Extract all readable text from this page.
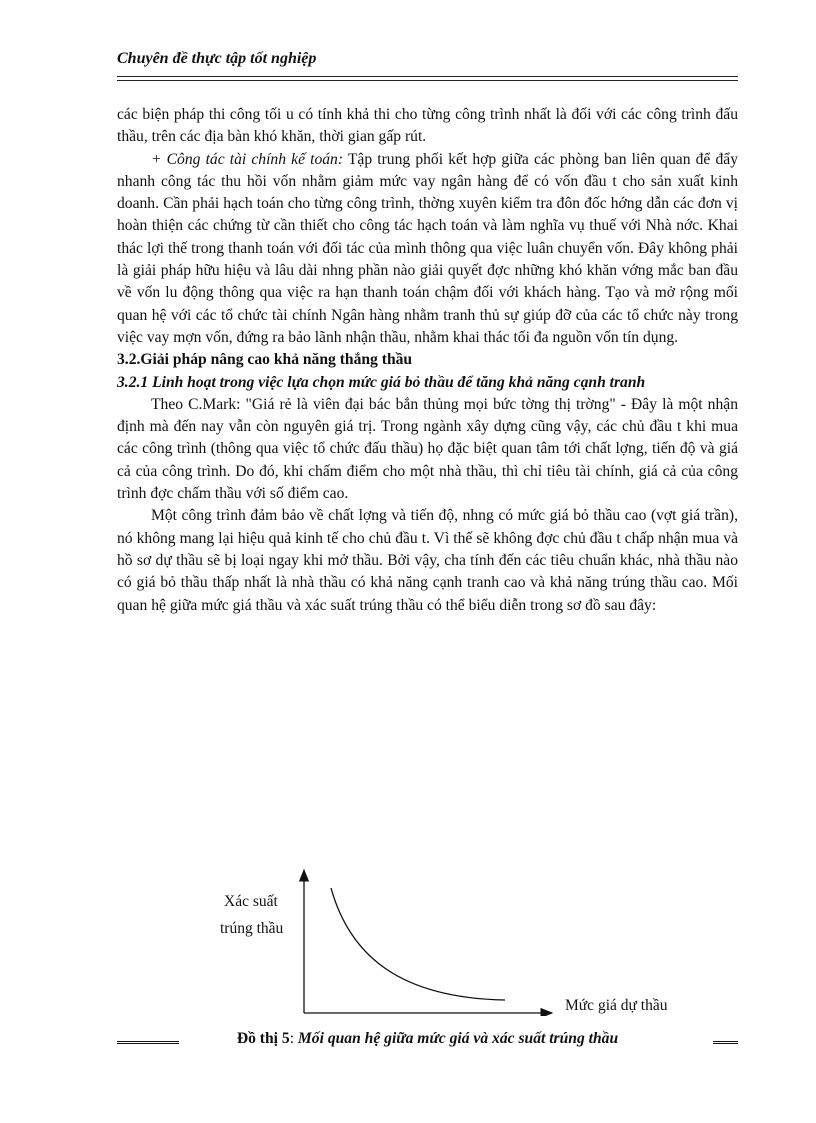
Chuyên đề thực tập tốt nghiệp

các biện pháp thi công tối u có tính khả thi cho từng công trình nhất là đối với các công trình đấu thầu, trên các địa bàn khó khăn, thời gian gấp rút.

+ Công tác tài chính kế toán: Tập trung phối kết hợp giữa các phòng ban liên quan để đẩy nhanh công tác thu hồi vốn nhằm giảm mức vay ngân hàng để có vốn đầu t cho sản xuất kinh doanh. Cần phải hạch toán cho từng công trình, thờng xuyên kiểm tra đôn đốc hớng dẫn các đơn vị hoàn thiện các chứng từ cần thiết cho công tác hạch toán và làm nghĩa vụ thuế với Nhà nớc. Khai thác lợi thế trong thanh toán với đối tác của mình thông qua việc luân chuyển vốn. Đây không phải là giải pháp hữu hiệu và lâu dài nhng phần nào giải quyết đợc những khó khăn vớng mắc ban đầu về vốn lu động thông qua việc ra hạn thanh toán chậm đối với khách hàng. Tạo và mở rộng mối quan hệ với các tổ chức tài chính Ngân hàng nhằm tranh thủ sự giúp đỡ của các tổ chức này trong việc vay mợn vốn, đứng ra bảo lãnh nhận thầu, nhằm khai thác tối đa nguồn vốn tín dụng.

3.2.Giải pháp nâng cao khả năng thắng thầu

3.2.1 Linh hoạt trong việc lựa chọn mức giá bỏ thầu để tăng khả năng cạnh tranh

Theo C.Mark: "Giá rẻ là viên đại bác bắn thủng mọi bức tờng thị trờng" - Đây là một nhận định mà đến nay vẫn còn nguyên giá trị. Trong ngành xây dựng cũng vậy, các chủ đầu t khi mua các công trình (thông qua việc tổ chức đấu thầu) họ đặc biệt quan tâm tới chất lợng, tiến độ và giá cả của công trình. Do đó, khi chấm điểm cho một nhà thầu, thì chỉ tiêu tài chính, giá cả của công trình đợc chấm thầu với số điểm cao.

Một công trình đảm bảo về chất lợng và tiến độ, nhng có mức giá bỏ thầu cao (vợt giá trần), nó không mang lại hiệu quả kinh tế cho chủ đầu t. Vì thế sẽ không đợc chủ đầu t chấp nhận mua và hồ sơ dự thầu sẽ bị loại ngay khi mở thầu. Bởi vậy, cha tính đến các tiêu chuẩn khác, nhà thầu nào có giá bỏ thầu thấp nhất là nhà thầu có khả năng cạnh tranh cao và khả năng trúng thầu cao. Mối quan hệ giữa mức giá thầu và xác suất trúng thầu có thể biểu diễn trong sơ đồ sau đây:

Xác suất
trúng thầu
Mức giá dự thầu
Đồ thị 5: Mối quan hệ giữa mức giá và xác suất trúng thầu
